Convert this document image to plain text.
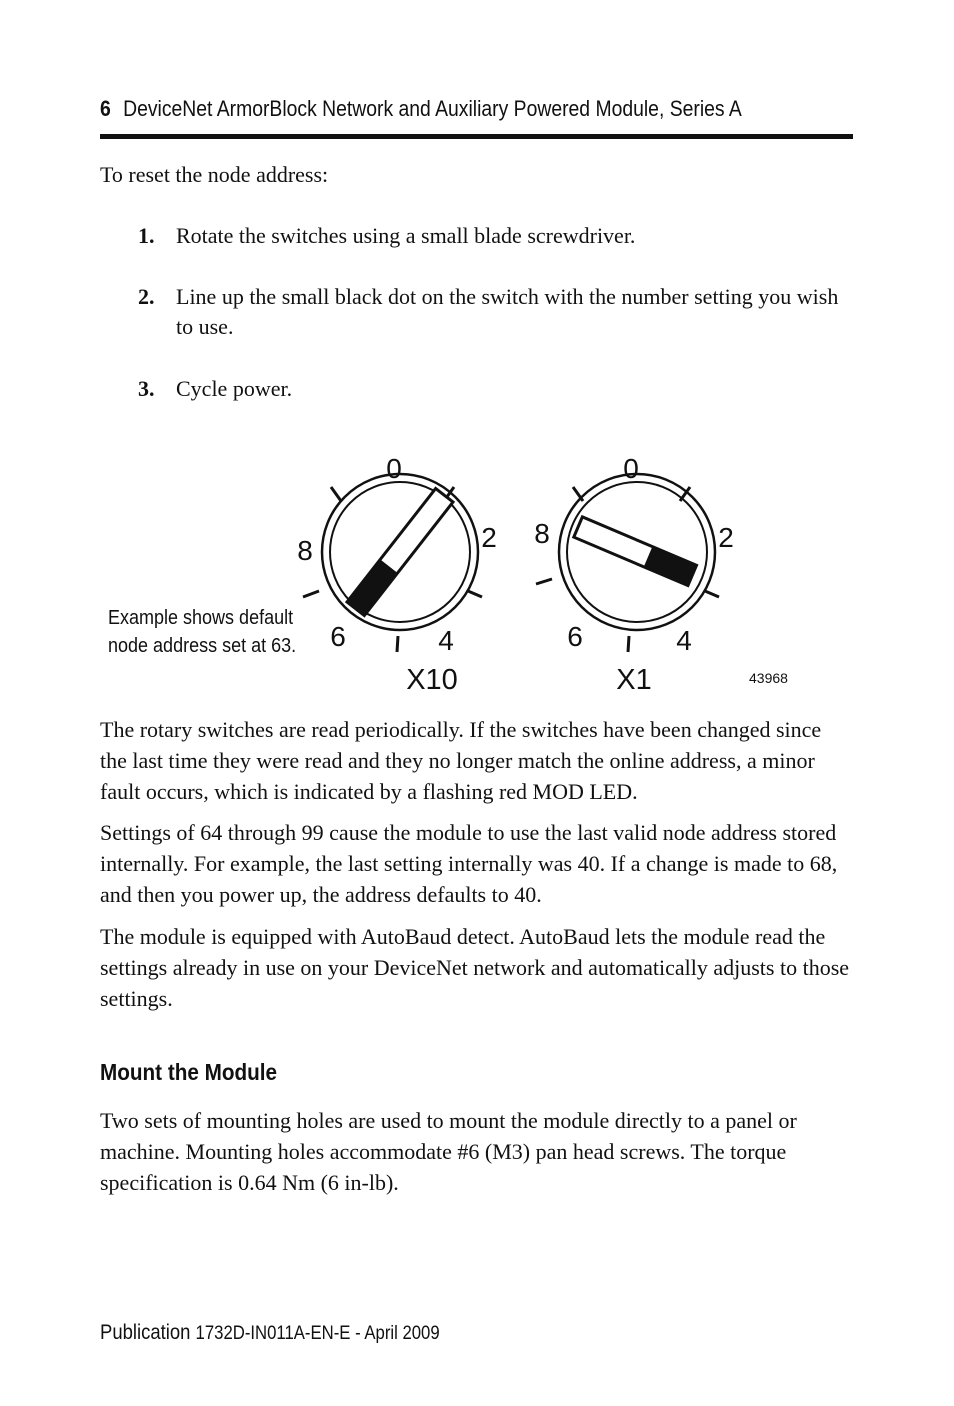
6 DeviceNet ArmorBlock Network and Auxiliary Powered Module, Series A

To reset the node address:

1. Rotate the switches using a small blade screwdriver.
2. Line up the small black dot on the switch with the number setting you wish to use.
3. Cycle power.
0
2
4
6
8
X10
0
2
4
6
8
X1
Example shows default node address set at 63.
43968

The rotary switches are read periodically. If the switches have been changed since the last time they were read and they no longer match the online address, a minor fault occurs, which is indicated by a flashing red MOD LED.

Settings of 64 through 99 cause the module to use the last valid node address stored internally. For example, the last setting internally was 40. If a change is made to 68, and then you power up, the address defaults to 40.

The module is equipped with AutoBaud detect. AutoBaud lets the module read the settings already in use on your DeviceNet network and automatically adjusts to those settings.

Mount the Module

Two sets of mounting holes are used to mount the module directly to a panel or machine. Mounting holes accommodate #6 (M3) pan head screws. The torque specification is 0.64 Nm (6 in-lb).

Publication 1732D-IN011A-EN-E - April 2009
